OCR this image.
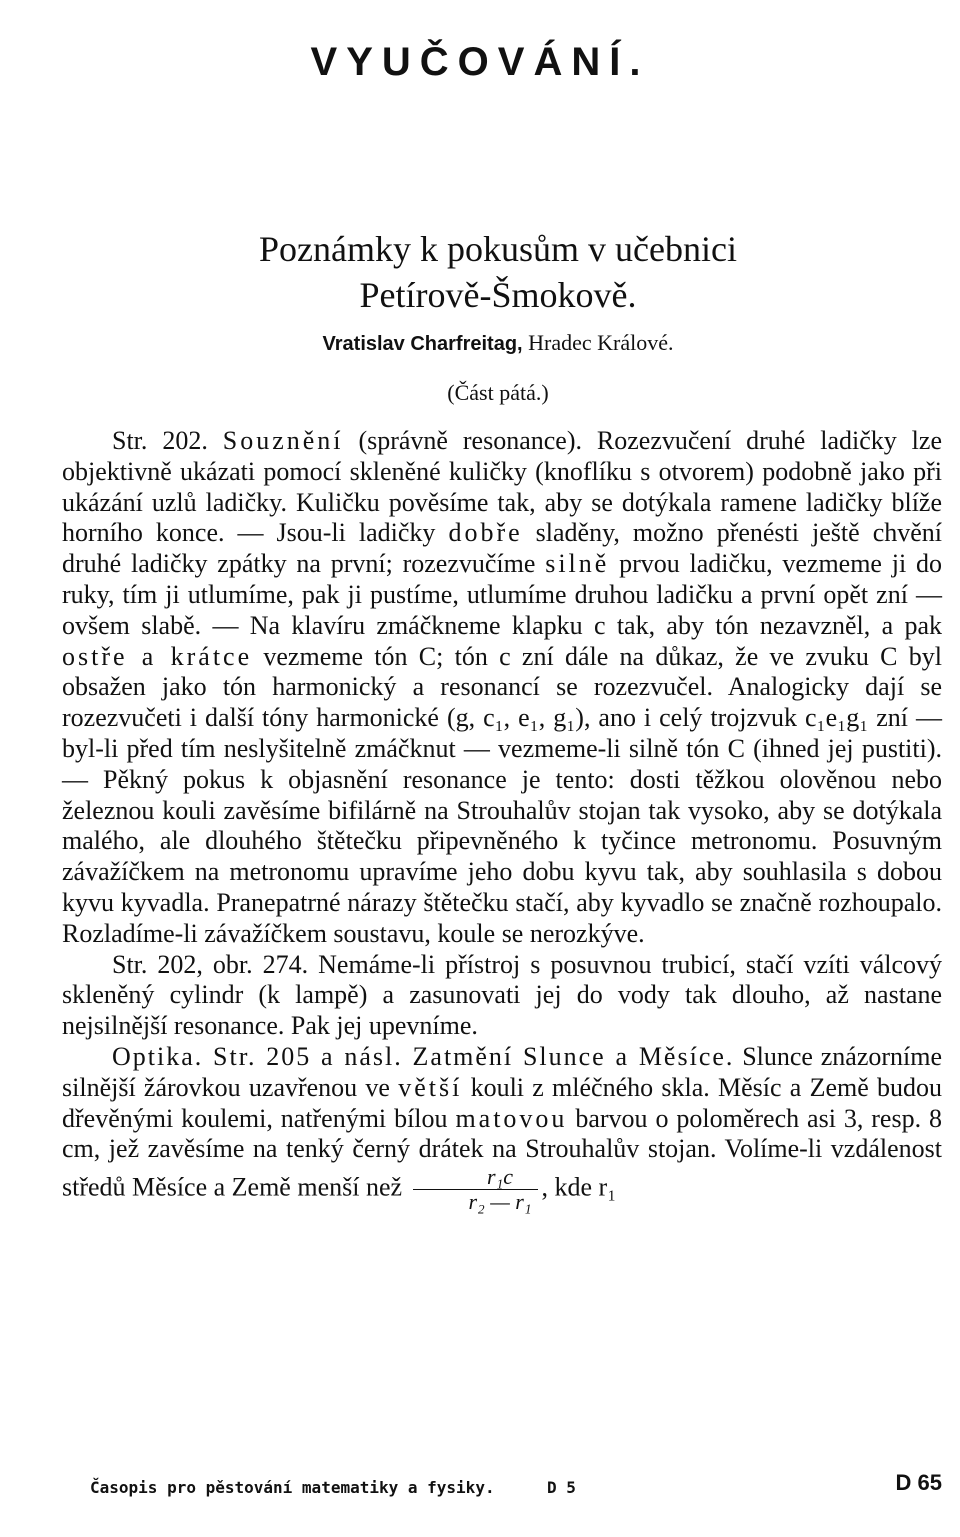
VYUČOVÁNÍ.
Poznámky k pokusům v učebnici
Petírově-Šmokově.
Vratislav Charfreitag, Hradec Králové.
(Část pátá.)

Str. 202. Souznění (správně resonance). Rozezvučení druhé ladičky lze objektivně ukázati pomocí skleněné kuličky (knoflíku s otvorem) podobně jako při ukázání uzlů ladičky. Kuličku pověsíme tak, aby se dotýkala ramene ladičky blíže horního konce. — Jsou-li ladičky dobře sladěny, možno přenésti ještě chvění druhé ladičky zpátky na první; rozezvučíme silně prvou ladičku, vezmeme ji do ruky, tím ji utlumíme, pak ji pustíme, utlumíme druhou ladičku a první opět zní — ovšem slabě. — Na klavíru zmáčkneme klapku c tak, aby tón nezavzněl, a pak ostře a krátce vezmeme tón C; tón c zní dále na důkaz, že ve zvuku C byl obsažen jako tón harmonický a resonancí se rozezvučel. Analogicky dají se rozezvučeti i další tóny harmonické (g, c₁, e₁, g₁), ano i celý trojzvuk c₁e₁g₁ zní — byl-li před tím neslyšitelně zmáčknut — vezmeme-li silně tón C (ihned jej pustiti). — Pěkný pokus k objasnění resonance je tento: dosti těžkou olověnou nebo železnou kouli zavěsíme bifilárně na Strouhalův stojan tak vysoko, aby se dotýkala malého, ale dlouhého štětečku připevněného k tyčince metronomu. Posuvným závažíčkem na metronomu upravíme jeho dobu kyvu tak, aby souhlasila s dobou kyvu kyvadla. Pranepatrné nárazy štětečku stačí, aby kyvadlo se značně rozhoupalo. Rozladíme-li závažíčkem soustavu, koule se nerozkýve.

Str. 202, obr. 274. Nemáme-li přístroj s posuvnou trubicí, stačí vzíti válcový skleněný cylindr (k lampě) a zasunovati jej do vody tak dlouho, až nastane nejsilnější resonance. Pak jej upevníme.

Optika. Str. 205 a násl. Zatmění Slunce a Měsíce. Slunce znázorníme silnější žárovkou uzavřenou ve větší kouli z mléčného skla. Měsíc a Země budou dřevěnými koulemi, natřenými bílou matovou barvou o poloměrech asi 3, resp. 8 cm, jež zavěsíme na tenký černý drátek na Strouhalův stojan. Volíme-li vzdálenost středů Měsíce a Země menší než $\frac{\text{r₁c}}{\text{r₂ — r₁}}$ , kde r₁

Časopis pro pěstování matematiky a fysiky.	D 5	D 65
